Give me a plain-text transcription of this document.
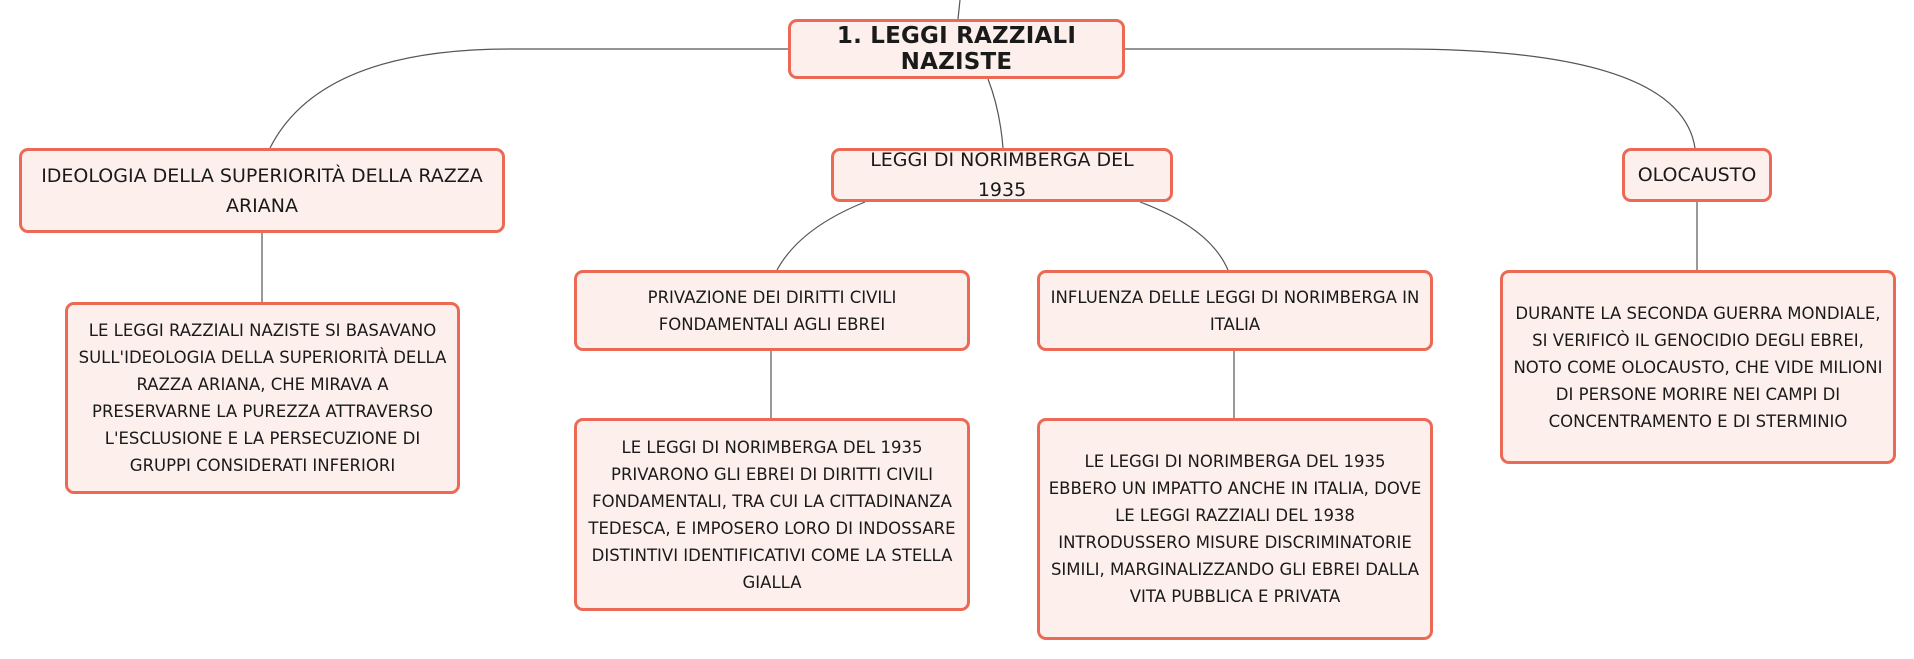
1. LEGGI RAZZIALI NAZISTE
IDEOLOGIA DELLA SUPERIORITÀ DELLA RAZZA ARIANA
LEGGI DI NORIMBERGA DEL 1935
OLOCAUSTO
PRIVAZIONE DEI DIRITTI CIVILI FONDAMENTALI AGLI EBREI
INFLUENZA DELLE LEGGI DI NORIMBERGA IN ITALIA
LE LEGGI RAZZIALI NAZISTE SI BASAVANO SULL'IDEOLOGIA DELLA SUPERIORITÀ DELLA RAZZA ARIANA, CHE MIRAVA A PRESERVARNE LA PUREZZA ATTRAVERSO L'ESCLUSIONE E LA PERSECUZIONE DI GRUPPI CONSIDERATI INFERIORI
LE LEGGI DI NORIMBERGA DEL 1935 PRIVARONO GLI EBREI DI DIRITTI CIVILI FONDAMENTALI, TRA CUI LA CITTADINANZA TEDESCA, E IMPOSERO LORO DI INDOSSARE DISTINTIVI IDENTIFICATIVI COME LA STELLA GIALLA
LE LEGGI DI NORIMBERGA DEL 1935 EBBERO UN IMPATTO ANCHE IN ITALIA, DOVE LE LEGGI RAZZIALI DEL 1938 INTRODUSSERO MISURE DISCRIMINATORIE SIMILI, MARGINALIZZANDO GLI EBREI DALLA VITA PUBBLICA E PRIVATA
DURANTE LA SECONDA GUERRA MONDIALE, SI VERIFICÒ IL GENOCIDIO DEGLI EBREI, NOTO COME OLOCAUSTO, CHE VIDE MILIONI DI PERSONE MORIRE NEI CAMPI DI CONCENTRAMENTO E DI STERMINIO
